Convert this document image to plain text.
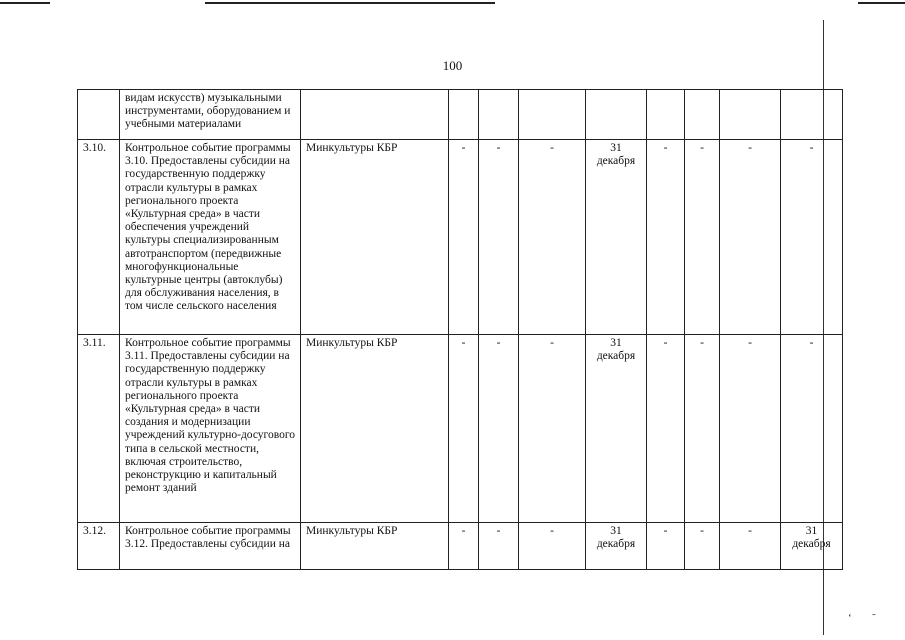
100
	видам искусств) музыкальными инструментами, оборудованием и учебными материалами									
3.10.	Контрольное событие программы 3.10. Предоставлены субсидии на государственную поддержку отрасли культуры в рамках регионального проекта «Культурная среда» в части обеспечения учреждений культуры специализированным автотранспортом (передвижные многофункциональные культурные центры (автоклубы) для обслуживания населения, в том числе сельского населения	Минкультуры КБР	-	-	-	31 декабря	-	-	-	-
3.11.	Контрольное событие программы 3.11. Предоставлены субсидии на государственную поддержку отрасли культуры в рамках регионального проекта «Культурная среда» в части создания и модернизации учреждений культурно-досугового типа в сельской местности, включая строительство, реконструкцию и капитальный ремонт зданий	Минкультуры КБР	-	-	-	31 декабря	-	-	-	-
3.12.	Контрольное событие программы 3.12. Предоставлены субсидии на	Минкультуры КБР	-	-	-	31 декабря	-	-	-	31 декабря
ʻ ˜
